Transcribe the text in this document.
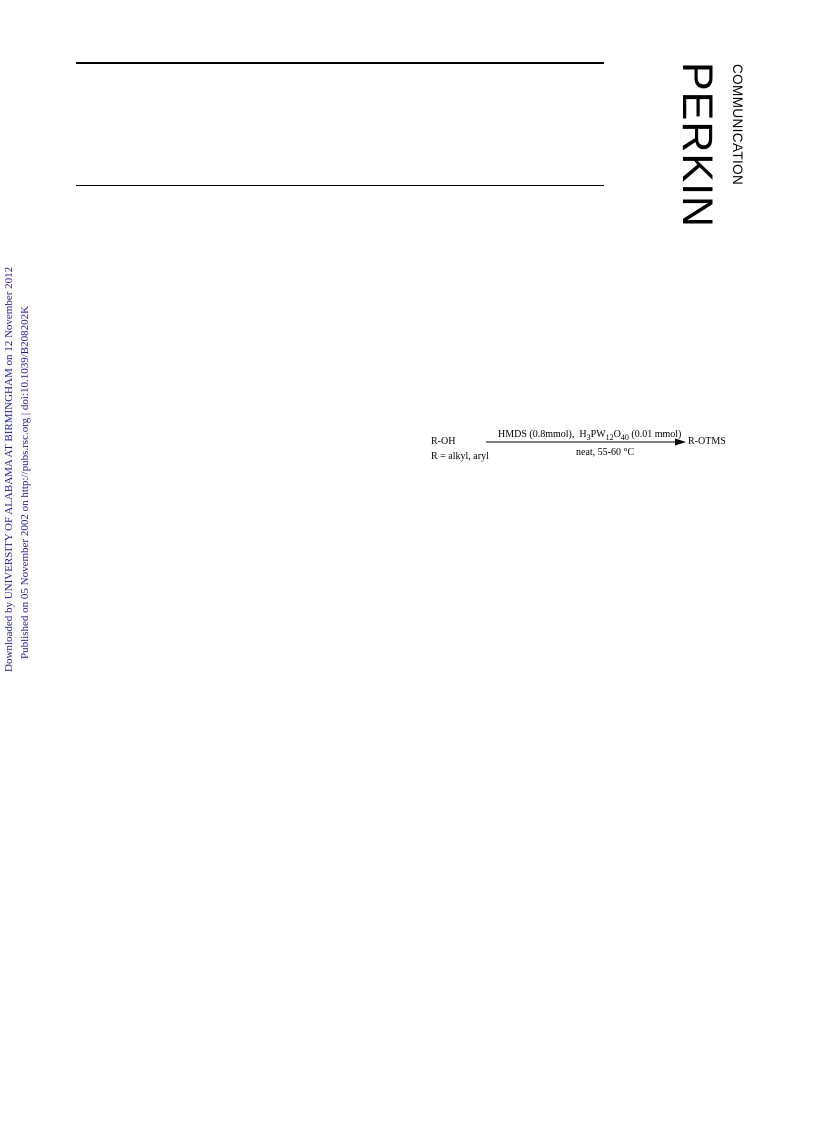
PERKIN COMMUNICATION
Downloaded by UNIVERSITY OF ALABAMA AT BIRMINGHAM on 12 November 2012 Published on 05 November 2002 on http://pubs.rsc.org | doi:10.1039/B208202K	R-OH
R = alkyl, aryl
HMDS (0.8mmol), $H_3PW_{12}O_{40}$ (0.01 mmol)
neat, 55-60 °C
R-OTMS
